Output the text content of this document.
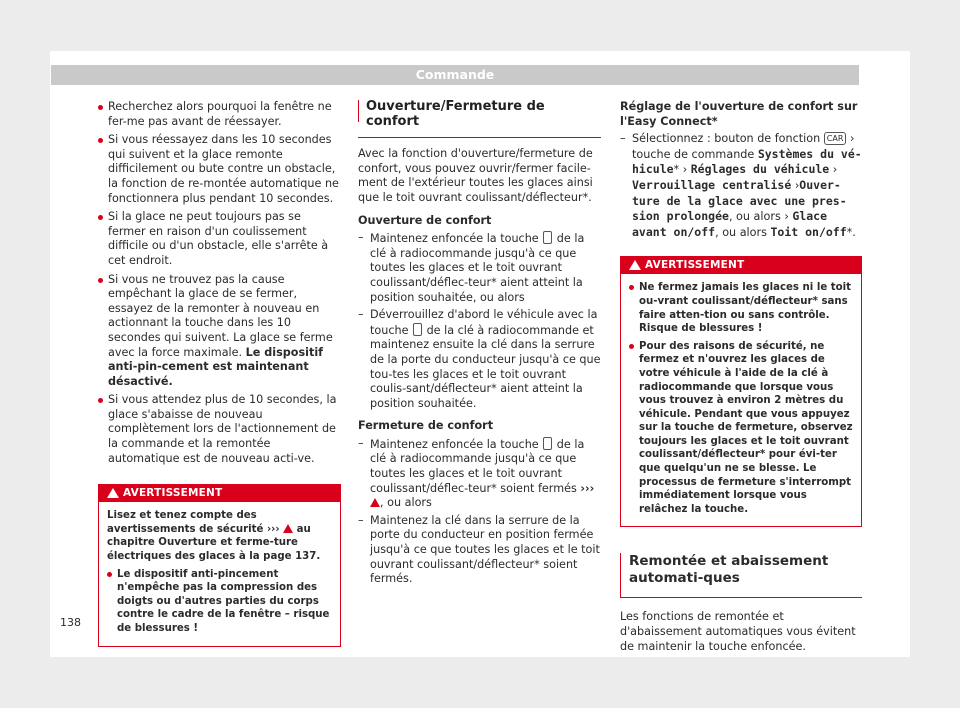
Commande
Recherchez alors pourquoi la fenêtre ne fer-me pas avant de réessayer.
Si vous réessayez dans les 10 secondes qui suivent et la glace remonte difficilement ou bute contre un obstacle, la fonction de re-montée automatique ne fonctionnera plus pendant 10 secondes.
Si la glace ne peut toujours pas se fermer en raison d'un coulissement difficile ou d'un obstacle, elle s'arrête à cet endroit.
Si vous ne trouvez pas la cause empêchant la glace de se fermer, essayez de la remonter à nouveau en actionnant la touche dans les 10 secondes qui suivent. La glace se ferme avec la force maximale. Le dispositif anti-pin-cement est maintenant désactivé.
Si vous attendez plus de 10 secondes, la glace s'abaisse de nouveau complètement lors de l'actionnement de la commande et la remontée automatique est de nouveau acti-ve.
AVERTISSEMENT

Lisez et tenez compte des avertissements de sécurité ››› au chapitre Ouverture et ferme-ture électriques des glaces à la page 137.

Le dispositif anti-pincement n'empêche pas la compression des doigts ou d'autres parties du corps contre le cadre de la fenêtre – risque de blessures !
Ouverture/Fermeture de confort

Avec la fonction d'ouverture/fermeture de confort, vous pouvez ouvrir/fermer facile-ment de l'extérieur toutes les glaces ainsi que le toit ouvrant coulissant/déflecteur*.

Ouverture de confort

– Maintenez enfoncée la touche de la clé à radiocommande jusqu'à ce que toutes les glaces et le toit ouvrant coulissant/déflec-teur* aient atteint la position souhaitée, ou alors
– Déverrouillez d'abord le véhicule avec la touche de la clé à radiocommande et maintenez ensuite la clé dans la serrure de la porte du conducteur jusqu'à ce que tou-tes les glaces et le toit ouvrant coulis-sant/déflecteur* aient atteint la position souhaitée.

Fermeture de confort

– Maintenez enfoncée la touche de la clé à radiocommande jusqu'à ce que toutes les glaces et le toit ouvrant coulissant/déflec-teur* soient fermés ››› , ou alors
– Maintenez la clé dans la serrure de la porte du conducteur en position fermée jusqu'à ce que toutes les glaces et le toit ouvrant coulissant/déflecteur* soient fermés.

Réglage de l'ouverture de confort sur l'Easy Connect*

– Sélectionnez : bouton de fonction CAR › touche de commande Systèmes du vé-hicule* › Réglages du véhicule › Verrouillage centralisé ›Ouver-ture de la glace avec une pres-sion prolongée, ou alors › Glace avant on/off, ou alors Toit on/off*.
AVERTISSEMENT
Ne fermez jamais les glaces ni le toit ou-vrant coulissant/déflecteur* sans faire atten-tion ou sans contrôle. Risque de blessures !
Pour des raisons de sécurité, ne fermez et n'ouvrez les glaces de votre véhicule à l'aide de la clé à radiocommande que lorsque vous vous trouvez à environ 2 mètres du véhicule. Pendant que vous appuyez sur la touche de fermeture, observez toujours les glaces et le toit ouvrant coulissant/déflecteur* pour évi-ter que quelqu'un ne se blesse. Le processus de fermeture s'interrompt immédiatement lorsque vous relâchez la touche.
Remontée et abaissement automati-ques

Les fonctions de remontée et d'abaissement automatiques vous évitent de maintenir la touche enfoncée.

138
